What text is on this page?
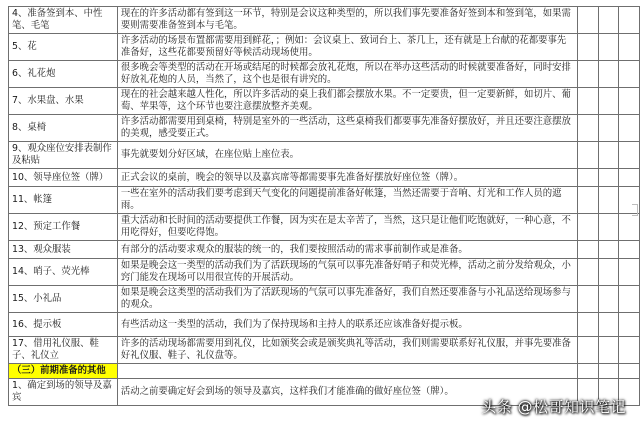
4、准备签到本、中性笔、毛笔	现在的许多活动都有签到这一环节，特别是会议这种类型的，所以我们事先要准备好签到本和签到笔，如果需要则需要准备签到本与毛笔。			
5、花	许多活动的场景布置都需要用到鲜花，；例如：会议桌上、致词台上、茶几上，还有就是上台献的花都要事先准备好，这些花都要预留好等候活动现场使用。			
6、礼花炮	很多晚会等类型的活动在开场或结尾的时候都会放礼花炮，所以在举办这些活动的时候就要准备好，同时安排好放礼花炮的人员，当然了，这个也是很有讲究的。			
7、水果盘、水果	现在的社会越来越人性化，所以许多活动的桌上我们都会摆放水果。不一定要贵，但一定要新鲜，如切片、葡萄、苹果等，这个环节也要注意摆放整齐美观。			
8、桌椅	许多活动都需要用到桌椅，特别是室外的一些活动，这些桌椅我们都要事先准备好摆放好，并且还要注意摆放的美观，感受要正式。			
9、观众座位安排表制作及粘贴	事先就要划分好区域，在座位贴上座位表。			
10、领导座位签（牌）	正式会议的桌前，晚会的领导以及嘉宾席等都需要事先准备好摆放好座位签（牌）。			
11、帐篷	一些在室外的活动我们要考虑到天气变化的问题提前准备好帐篷，当然还需要于音响、灯光和工作人员的遮雨。			
12、预定工作餐	重大活动和长时间的活动要提供工作餐，因为实在是太辛苦了，当然，这只是让他们吃饱就好，一种心意，不用吃得好，但要吃得饱。			
13、观众服装	有部分的活动要求观众的服装的统一的，我们要按照活动的需求事前制作或是准备。			
14、哨子、荧光棒	如果是晚会这一类型的活动我们为了活跃现场的气氛可以事先准备好哨子和荧光棒，活动之前分发给观众，小窍门能发在现场可以用很宣传的开展活动。			
15、小礼品	如果是晚会这类型的活动我们为了活跃现场的气氛可以事先准备好，我们自然还要准备与小礼品送给现场参与的观众。			
16、提示板	有些活动这一类型的活动，我们为了保持现场和主持人的联系还应该准备好提示板。			
17、借用礼仪服、鞋子、礼仪立	许多的活动现场都需要用到礼仪，比如颁奖会或是颁奖典礼等活动，我们则需要联系好礼仪服，并事先要准备好礼仪服、鞋子、礼仪盘等。			
（三）前期准备的其他				
1、确定到场的领导及嘉宾	活动之前要确定好会到场的领导及嘉宾，这样我们才能准确的做好座位签（牌）。			
头条 @松哥知识笔记
